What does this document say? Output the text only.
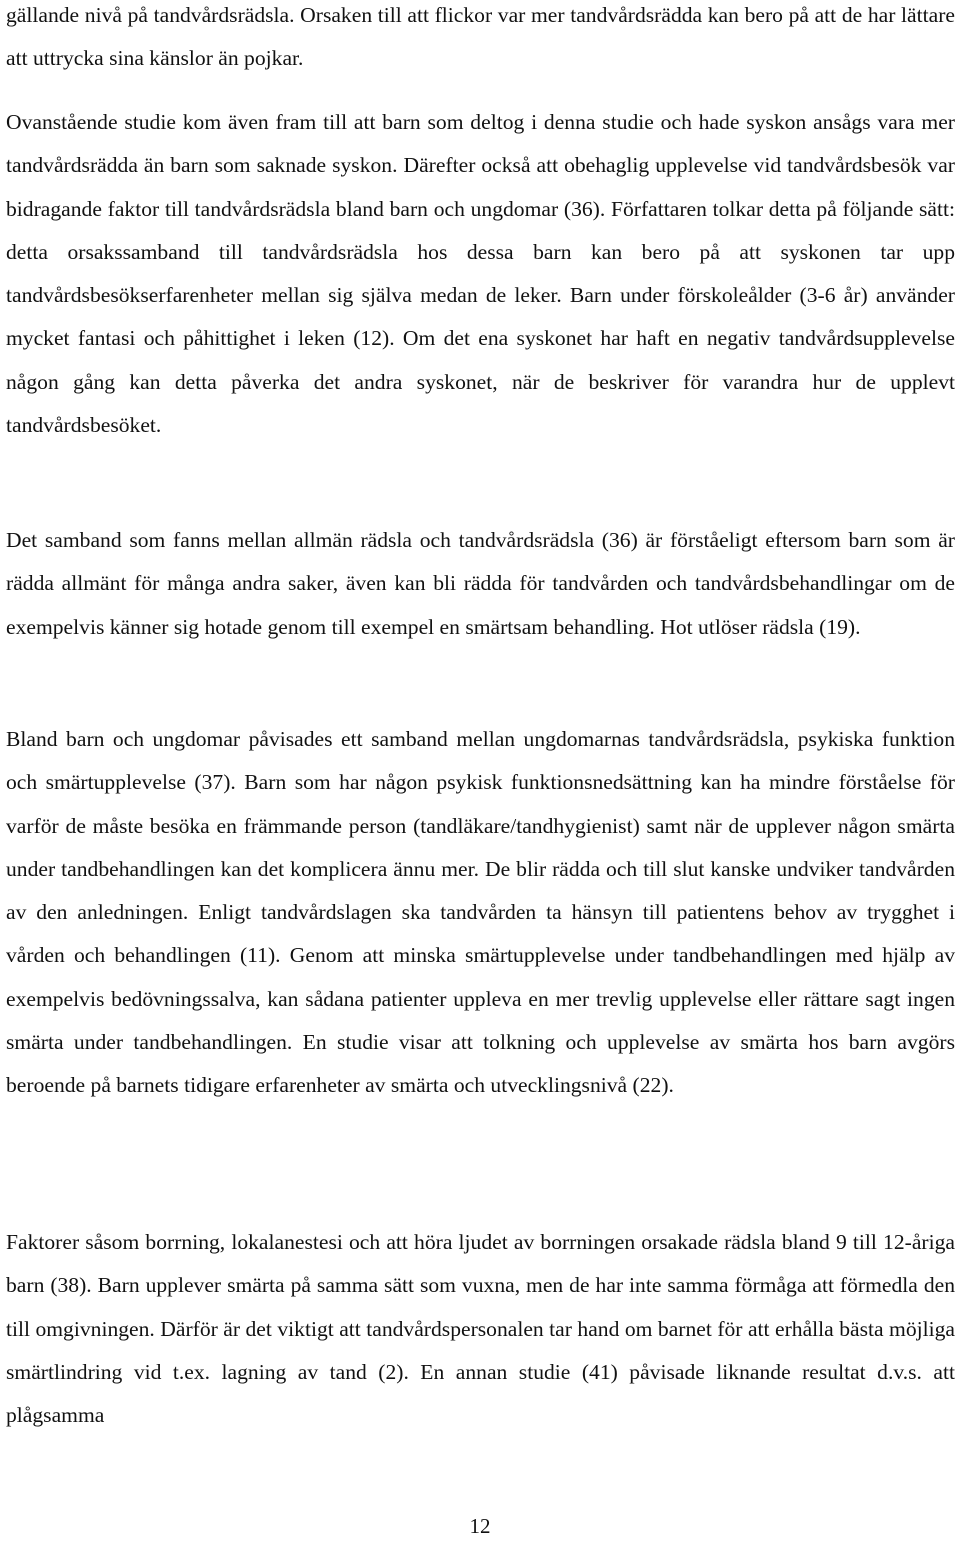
gällande nivå på tandvårdsrädsla. Orsaken till att flickor var mer tandvårdsrädda kan bero på att de har lättare att uttrycka sina känslor än pojkar.

Ovanstående studie kom även fram till att barn som deltog i denna studie och hade syskon ansågs vara mer tandvårdsrädda än barn som saknade syskon. Därefter också att obehaglig upplevelse vid tandvårdsbesök var bidragande faktor till tandvårdsrädsla bland barn och ungdomar (36). Författaren tolkar detta på följande sätt: detta orsakssamband till tandvårdsrädsla hos dessa barn kan bero på att syskonen tar upp tandvårdsbesökserfarenheter mellan sig själva medan de leker. Barn under förskoleålder (3-6 år) använder mycket fantasi och påhittighet i leken (12). Om det ena syskonet har haft en negativ tandvårdsupplevelse någon gång kan detta påverka det andra syskonet, när de beskriver för varandra hur de upplevt tandvårdsbesöket.

Det samband som fanns mellan allmän rädsla och tandvårdsrädsla (36) är förståeligt eftersom barn som är rädda allmänt för många andra saker, även kan bli rädda för tandvården och tandvårdsbehandlingar om de exempelvis känner sig hotade genom till exempel en smärtsam behandling. Hot utlöser rädsla (19).

Bland barn och ungdomar påvisades ett samband mellan ungdomarnas tandvårdsrädsla, psykiska funktion och smärtupplevelse (37). Barn som har någon psykisk funktionsnedsättning kan ha mindre förståelse för varför de måste besöka en främmande person (tandläkare/tandhygienist) samt när de upplever någon smärta under tandbehandlingen kan det komplicera ännu mer. De blir rädda och till slut kanske undviker tandvården av den anledningen. Enligt tandvårdslagen ska tandvården ta hänsyn till patientens behov av trygghet i vården och behandlingen (11). Genom att minska smärtupplevelse under tandbehandlingen med hjälp av exempelvis bedövningssalva, kan sådana patienter uppleva en mer trevlig upplevelse eller rättare sagt ingen smärta under tandbehandlingen. En studie visar att tolkning och upplevelse av smärta hos barn avgörs beroende på barnets tidigare erfarenheter av smärta och utvecklingsnivå (22).

Faktorer såsom borrning, lokalanestesi och att höra ljudet av borrningen orsakade rädsla bland 9 till 12-åriga barn (38). Barn upplever smärta på samma sätt som vuxna, men de har inte samma förmåga att förmedla den till omgivningen. Därför är det viktigt att tandvårdspersonalen tar hand om barnet för att erhålla bästa möjliga smärtlindring vid t.ex. lagning av tand (2). En annan studie (41) påvisade liknande resultat d.v.s. att plågsamma

12
